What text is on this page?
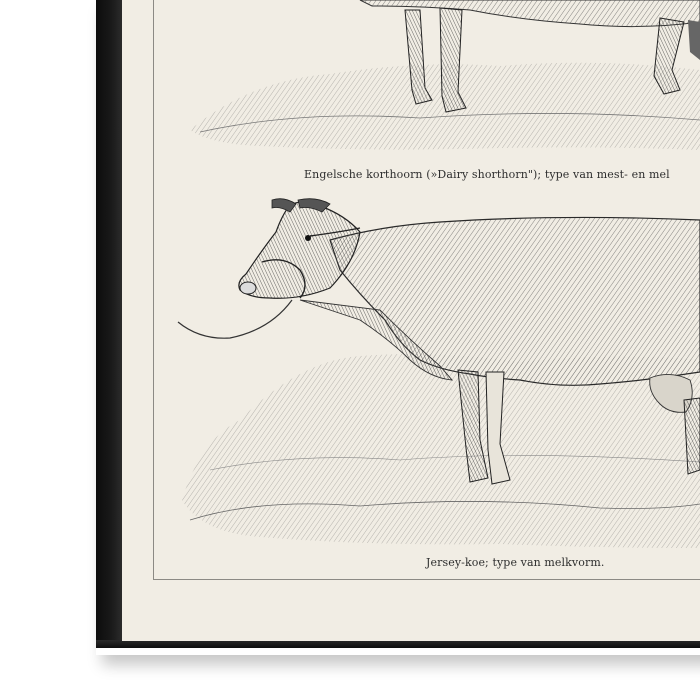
Engelsche korthoorn (»Dairy shorthorn"); type van mest- en mel
Jersey-koe; type van melkvorm.
